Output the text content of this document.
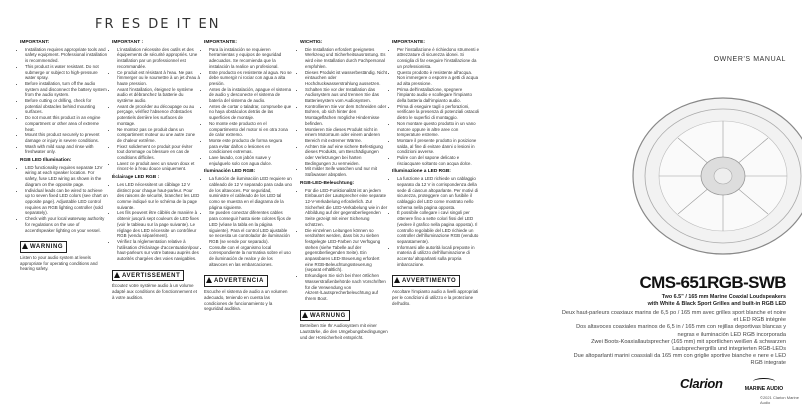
FR ES DE IT EN
IMPORTANT:
• Installation requires appropriate tools and safety equipment. Professional installation is recommended.
• This product is water resistant. Do not submerge or subject to high-pressure water spray.
• Before installation, turn off the audio system and disconnect the battery system from the audio system.
• Before cutting or drilling, check for potential obstacles behind mounting surfaces.
• Do not mount this product in an engine compartment or other area of extreme heat.
• Mount this product securely to prevent damage or injury in severe conditions.
• Wash with mild soap and rinse with freshwater only.
RGB LED Illumination:
• LED functionality requires separate 12V wiring at each speaker location. For safety, fuse LED wiring as shown in the diagram on the opposite page.
• Individual leads can be wired to achieve up to seven fixed LED colors (see chart on opposite page). Adjustable LED control requires an RGB lighting controller (sold separately).
• Check with your local waterway authority for regulations on the use of accent/speaker lighting on your vessel.
WARNING

Listen to your audio system at levels appropriate for operating conditions and hearing safety.

IMPORTANT :
• L'installation nécessite des outils et des équipements de sécurité appropriés. Une installation par un professionnel est recommandée.
• Ce produit est résistant à l'eau. Ne pas l'immerger ou le soumettre à un jet d'eau à haute pression.
• Avant l'installation, éteignez le système audio et débranchez la batterie du système audio.
• Avant de procéder au découpage ou au perçage, vérifiez l'absence d'obstacles potentiels derrière les surfaces de montage.
• Ne montez pas ce produit dans un compartiment moteur ou une autre zone de chaleur extrême.
• Fixez solidement ce produit pour éviter tout dommage ou blessure en cas de conditions difficiles.
• Lavez ce produit avec un savon doux et rincez-le à l'eau douce uniquement.
Éclairage LED RGB :
• Les LED nécessitent un câblage 12 V distinct pour chaque haut-parleur. Pour des raisons de sécurité, branchez les LED comme indiqué sur le schéma de la page suivante.
• Les fils peuvent être câblés de manière à obtenir jusqu'à sept couleurs de LED fixes (voir le tableau sur la page suivante). Le réglage des LED nécessite un contrôleur RGB (vendu séparément).
• Vérifiez la réglementation relative à l'utilisation d'éclairage d'accentuation/pour haut-parleurs sur votre bateau auprès des autorités chargées des voies navigables.
AVERTISSEMENT

Écoutez votre système audio à un volume adapté aux conditions de fonctionnement et à votre audition.

IMPORTANTE:
• Para la instalación se requieren herramientas y equipos de seguridad adecuados. Se recomienda que la instalación la realice un profesional.
• Este producto es resistente al agua. No se debe sumergir ni rociar con agua a alta presión.
• Antes de la instalación, apague el sistema de audio y desconecte el sistema de batería del sistema de audio.
• Antes de cortar o taladrar, compruebe que no haya obstáculos detrás de las superficies de montaje.
• No monte este producto en el compartimento del motor ni en otra zona de calor extremo.
• Monte este producto de forma segura para evitar daños o lesiones en condiciones extremas.
• Lave lavado, con jabón suave y enjuáguelo solo con agua dulce.
Iluminación LED RGB:
• La función de iluminación LED requiere un cableado de 12 V separado para cada uno de los altavoces. Por seguridad, suministre el cableado de los LED tal como se muestra en el diagrama de la página siguiente.
• Se pueden conectar diferentes cables para conseguir hasta siete colores fijos de LED (véase la tabla en la página siguiente). Para el control LED ajustable se necesita un controlador de iluminación RGB (se vende por separado).
• Consulte con el organismo local correspondiente la normativa sobre el uso de iluminación de realce y de los altavoces en las embarcaciones.
ADVERTENCIA

Escuche el sistema de audio a un volumen adecuado, teniendo en cuenta las condiciones de funcionamiento y la seguridad auditiva.

WICHTIG:
• Die Installation erfordert geeignetes Werkzeug und Sicherheitsausrüstung. Es wird eine Installation durch Fachpersonal empfohlen.
• Dieses Produkt ist wasserbeständig. Nicht eintauchen oder Hochdruckwasserstrahlung aussetzen.
• Schalten Sie vor der Installation das Audiosystem aus und trennen Sie das Batteriesystem vom Audiosystem.
• Kontrollieren Sie vor dem Schneiden oder Bohren, ob sich hinter den Montageflächen mögliche Hindernisse befinden.
• Montieren Sie dieses Produkt nicht in einem Motorraum oder einem anderen Bereich mit extremer Wärme.
• Achten Sie auf eine sichere Befestigung dieses Produkts, um Beschädigungen oder Verletzungen bei harten Bedingungen zu vermeiden.
• Mit milder Seife waschen und nur mit Süßwasser abspülen.
RGB-LED-Beleuchtung:
• Für die LED-Funktionalität ist an jedem Einbauort der Lautsprecher eine separate 12-V-Verkabelung erforderlich. Zur Sicherheit die LED-Verkabelung wie in der Abbildung auf der gegenüberliegenden Seite gezeigt mit einer Sicherung schützen.
• Die einzelnen Leitungen können so verdrahtet werden, dass bis zu sieben festgelegte LED-Farben zur Verfügung stehen (siehe Tabelle auf der gegenüberliegenden Seite). Ein anpassbares LED-Steuerung erfordert eine RGB-Beleuchtungssteuerung (separat erhältlich).
• Erkundigen Sie sich bei Ihrer örtlichen Wasserstraßenbehörde nach Vorschriften für die Verwendung von Akzent-/Lautsprecherbeleuchtung auf Ihrem Boot.
WARNUNG

Betreiben Sie Ihr Audiosystem mit einer Lautstärke, die den Umgebungsbedingungen und der Hörsicherheit entspricht.

IMPORTANTE:
• Per l'installazione è richiedono strumenti e attrezzature di sicurezza idonei. Si consiglia di far eseguire l'installazione da un professionista.
• Questo prodotto è resistente all'acqua. Non immergere o esporre a getti di acqua ad alta pressione.
• Prima dell'installazione, spegnere l'impianto audio e scollegare l'impianto della batteria dall'impianto audio.
• Prima di eseguire tagli o perforazioni, verificare la presenza di potenziali ostacoli dietro le superfici di montaggio.
• Non montare questo prodotto in un vano motore oppure in altre aree con temperature estreme.
• Montare il presente prodotto in posizione salda, al fine di evitare danni o lesioni in condizioni avverse.
• Pulire con del sapone delicato e risciacquare soltanto con acqua dolce.
Illuminazione a LED RGB:
• La funzione a LED richiede un cablaggio separato da 12 V in corrispondenza della sede di ciascun altoparlante. Per motivi di sicurezza, proteggere con un fusibile il cablaggio del LED come mostrato nello schema nella pagina opposta.
• È possibile collegare i cavi singoli per ottenere fino a sette colori fissi del LED (vedere il grafico nella pagina opposta). Il controllo regolabile del LED richiede un controller dell'illuminazione RGB (venduto separatamente).
• Informarsi alle autorità locali preposte in materia di utilizzo dell'illuminazione di accento/ altoparlanti sulla propria imbarcazione.
AVVERTIMENTO

Ascoltare l'impianto audio a livelli appropriati per le condizioni di utilizzo e la protezione dell'udito.

OWNER'S MANUAL
CMS-651RGB-SWB
Two 6.5” / 165 mm Marine Coaxial Loudspeakers
with White & Black Sport Grilles and built-in RGB LED
Deux haut-parleurs coaxiaux marins de 6,5 po / 165 mm avec grilles sport blanche et noire et LED RGB intégrée
Dos altavoces coaxiales marinos de 6,5 in / 165 mm con rejillas deportivas blancas y negras e iluminación LED RGB incorporada
Zwei Boots-Koaxiallautsprecher (165 mm) mit sportlichen weißen & schwarzen Lautsprechergrills und integrierten RGB-LEDs
Due altoparlanti marini coassiali da 165 mm con griglie sportive bianche e nere e LED RGB integrate
Clarion	MARINE AUDIO
©2021 Clarion Marine Audio
